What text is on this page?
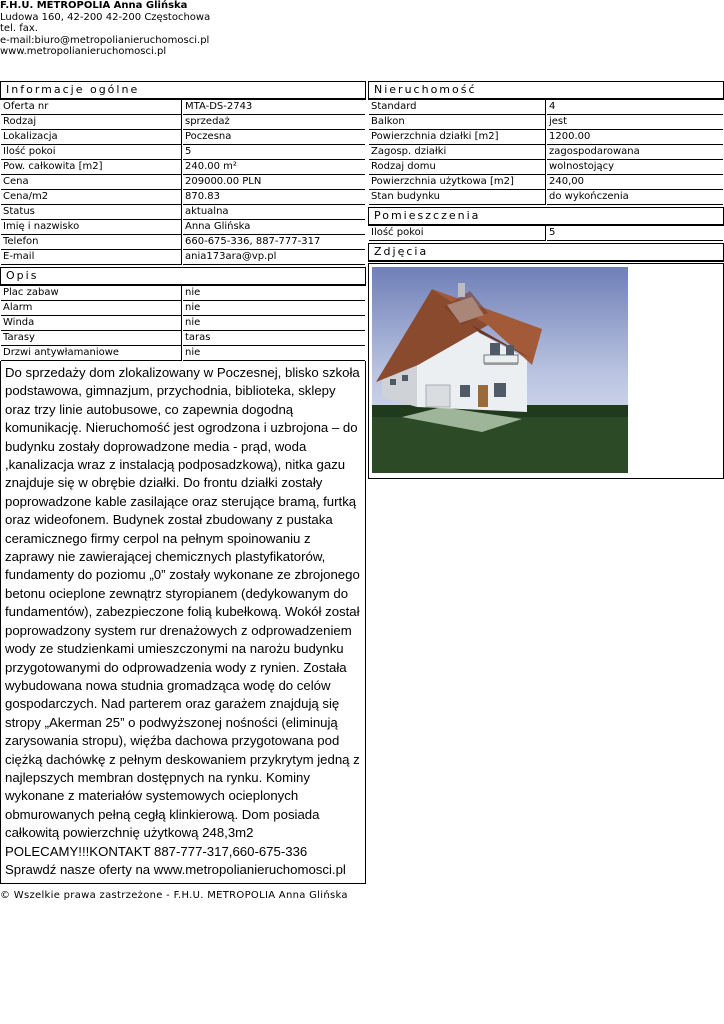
F.H.U. METROPOLIA Anna Glińska
Ludowa 160, 42-200 42-200 Częstochowa
tel. fax.
e-mail:biuro@metropolianieruchomosci.pl
www.metropolianieruchomosci.pl
Informacje ogólne
Oferta nr	MTA-DS-2743
Rodzaj	sprzedaż
Lokalizacja	Poczesna
Ilość pokoi	5
Pow. całkowita [m2]	240.00 m²
Cena	209000.00 PLN
Cena/m2	870.83
Status	aktualna
Imię i nazwisko	Anna Glińska
Telefon	660-675-336, 887-777-317
E-mail	ania173ara@vp.pl
Opis
Plac zabaw	nie
Alarm	nie
Winda	nie
Tarasy	taras
Drzwi antywłamaniowe	nie
Do sprzedaży dom zlokalizowany w Poczesnej, blisko szkoła podstawowa, gimnazjum, przychodnia, biblioteka, sklepy oraz trzy linie autobusowe, co zapewnia dogodną komunikację. Nieruchomość jest ogrodzona i uzbrojona – do budynku zostały doprowadzone media - prąd, woda ,kanalizacja wraz z instalacją podposadzkową), nitka gazu znajduje się w obrębie działki. Do frontu działki zostały poprowadzone kable zasilające oraz sterujące bramą, furtką oraz wideofonem. Budynek został zbudowany z pustaka ceramicznego firmy cerpol na pełnym spoinowaniu z zaprawy nie zawierającej chemicznych plastyfikatorów, fundamenty do poziomu „0” zostały wykonane ze zbrojonego betonu ocieplone zewnątrz styropianem (dedykowanym do fundamentów), zabezpieczone folią kubełkową. Wokół został poprowadzony system rur drenażowych z odprowadzeniem wody ze studzienkami umieszczonymi na narożu budynku przygotowanymi do odprowadzenia wody z rynien. Została wybudowana nowa studnia gromadząca wodę do celów gospodarczych. Nad parterem oraz garażem znajdują się stropy „Akerman 25” o podwyższonej nośności (eliminują zarysowania stropu), więźba dachowa przygotowana pod ciężką dachówkę z pełnym deskowaniem przykrytym jedną z najlepszych membran dostępnych na rynku. Kominy wykonane z materiałów systemowych ocieplonych obmurowanych pełną cegłą klinkierową. Dom posiada całkowitą powierzchnię użytkową 248,3m2 POLECAMY!!!KONTAKT 887-777-317,660-675-336 Sprawdź nasze oferty na www.metropolianieruchomosci.pl
Nieruchomość
Standard	4
Balkon	jest
Powierzchnia działki [m2]	1200.00
Zagosp. działki	zagospodarowana
Rodzaj domu	wolnostojący
Powierzchnia użytkowa [m2]	240,00
Stan budynku	do wykończenia
Pomieszczenia
Ilość pokoi	5
Zdjęcia
© Wszelkie prawa zastrzeżone - F.H.U. METROPOLIA Anna Glińska
